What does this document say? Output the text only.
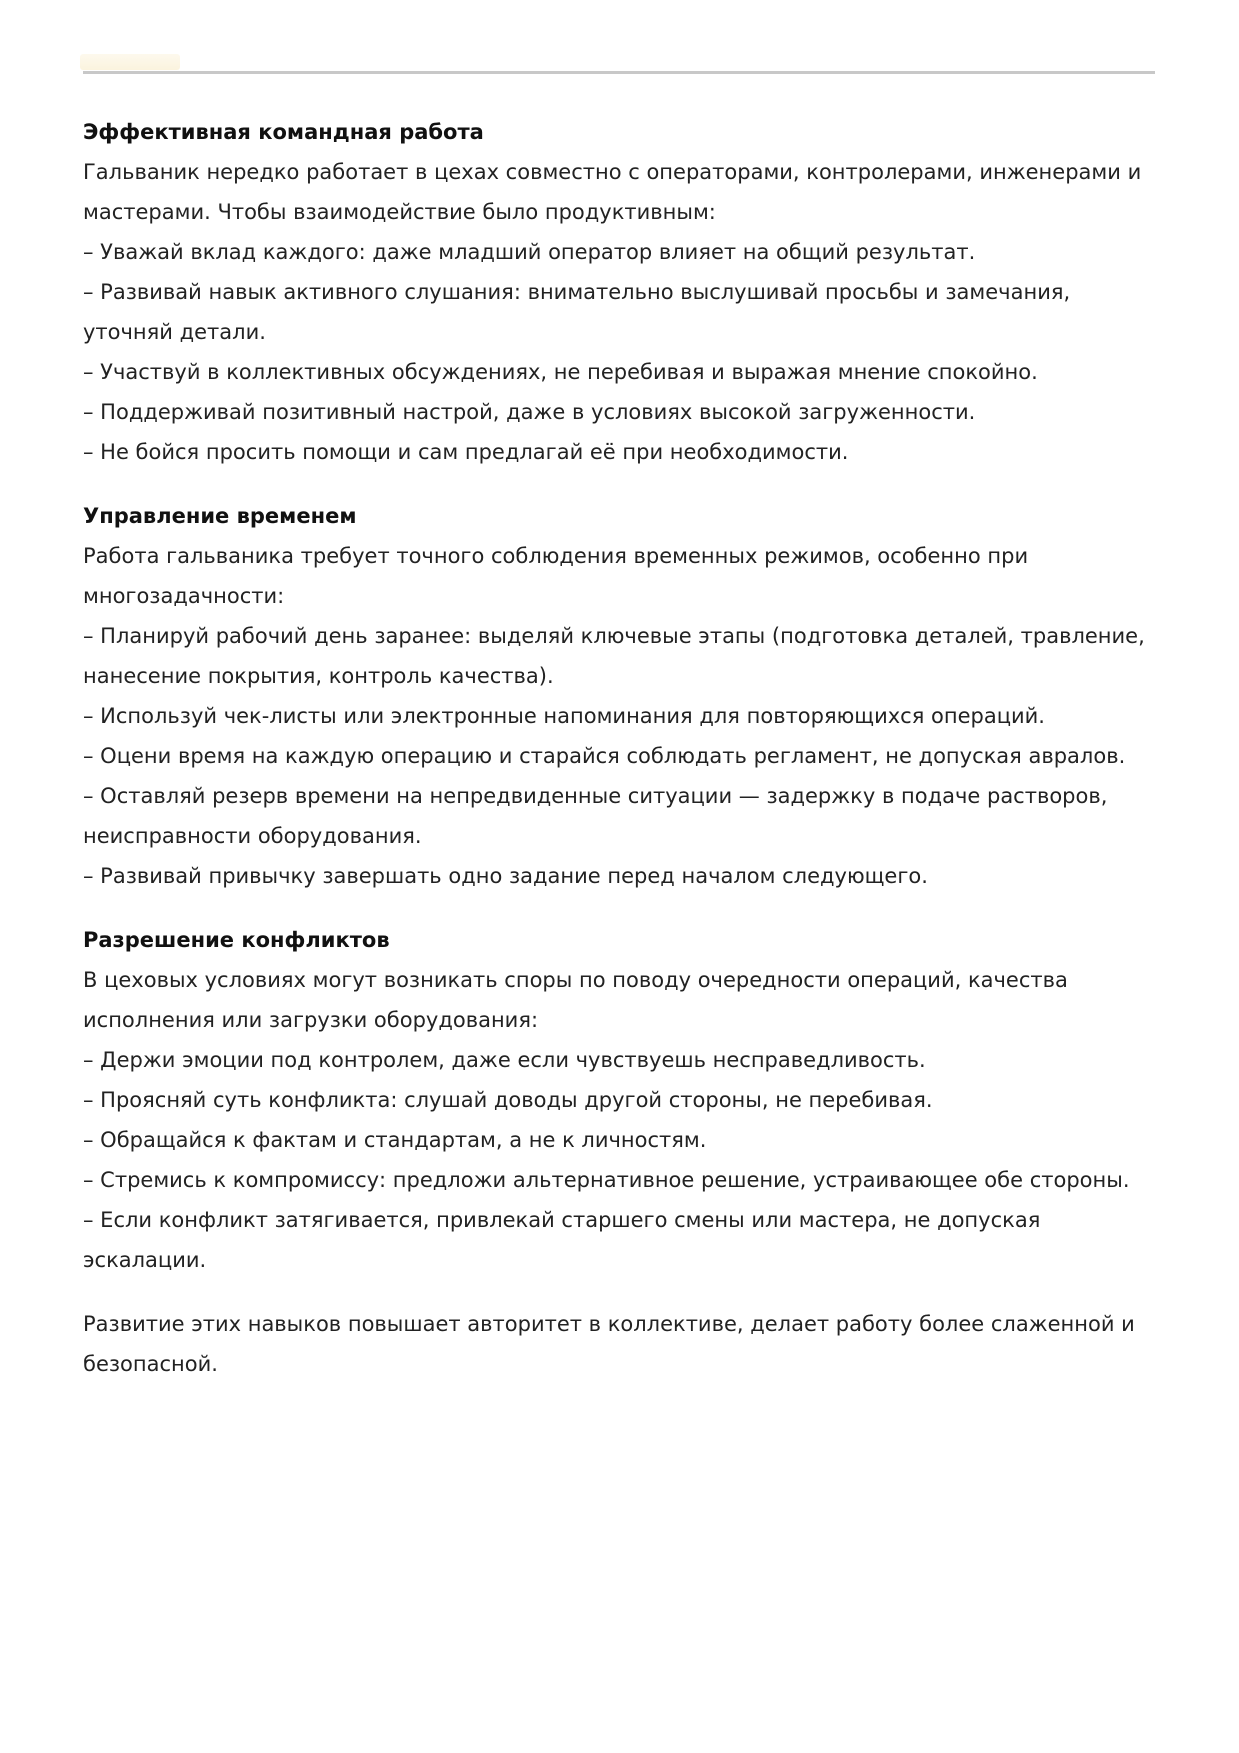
Эффективная командная работа
Гальваник нередко работает в цехах совместно с операторами, контролерами, инженерами и мастерами. Чтобы взаимодействие было продуктивным:
– Уважай вклад каждого: даже младший оператор влияет на общий результат.
– Развивай навык активного слушания: внимательно выслушивай просьбы и замечания, уточняй детали.
– Участвуй в коллективных обсуждениях, не перебивая и выражая мнение спокойно.
– Поддерживай позитивный настрой, даже в условиях высокой загруженности.
– Не бойся просить помощи и сам предлагай её при необходимости.
Управление временем
Работа гальваника требует точного соблюдения временных режимов, особенно при многозадачности:
– Планируй рабочий день заранее: выделяй ключевые этапы (подготовка деталей, травление, нанесение покрытия, контроль качества).
– Используй чек-листы или электронные напоминания для повторяющихся операций.
– Оцени время на каждую операцию и старайся соблюдать регламент, не допуская авралов.
– Оставляй резерв времени на непредвиденные ситуации — задержку в подаче растворов, неисправности оборудования.
– Развивай привычку завершать одно задание перед началом следующего.
Разрешение конфликтов
В цеховых условиях могут возникать споры по поводу очередности операций, качества исполнения или загрузки оборудования:
– Держи эмоции под контролем, даже если чувствуешь несправедливость.
– Проясняй суть конфликта: слушай доводы другой стороны, не перебивая.
– Обращайся к фактам и стандартам, а не к личностям.
– Стремись к компромиссу: предложи альтернативное решение, устраивающее обе стороны.
– Если конфликт затягивается, привлекай старшего смены или мастера, не допуская эскалации.
Развитие этих навыков повышает авторитет в коллективе, делает работу более слаженной и безопасной.
